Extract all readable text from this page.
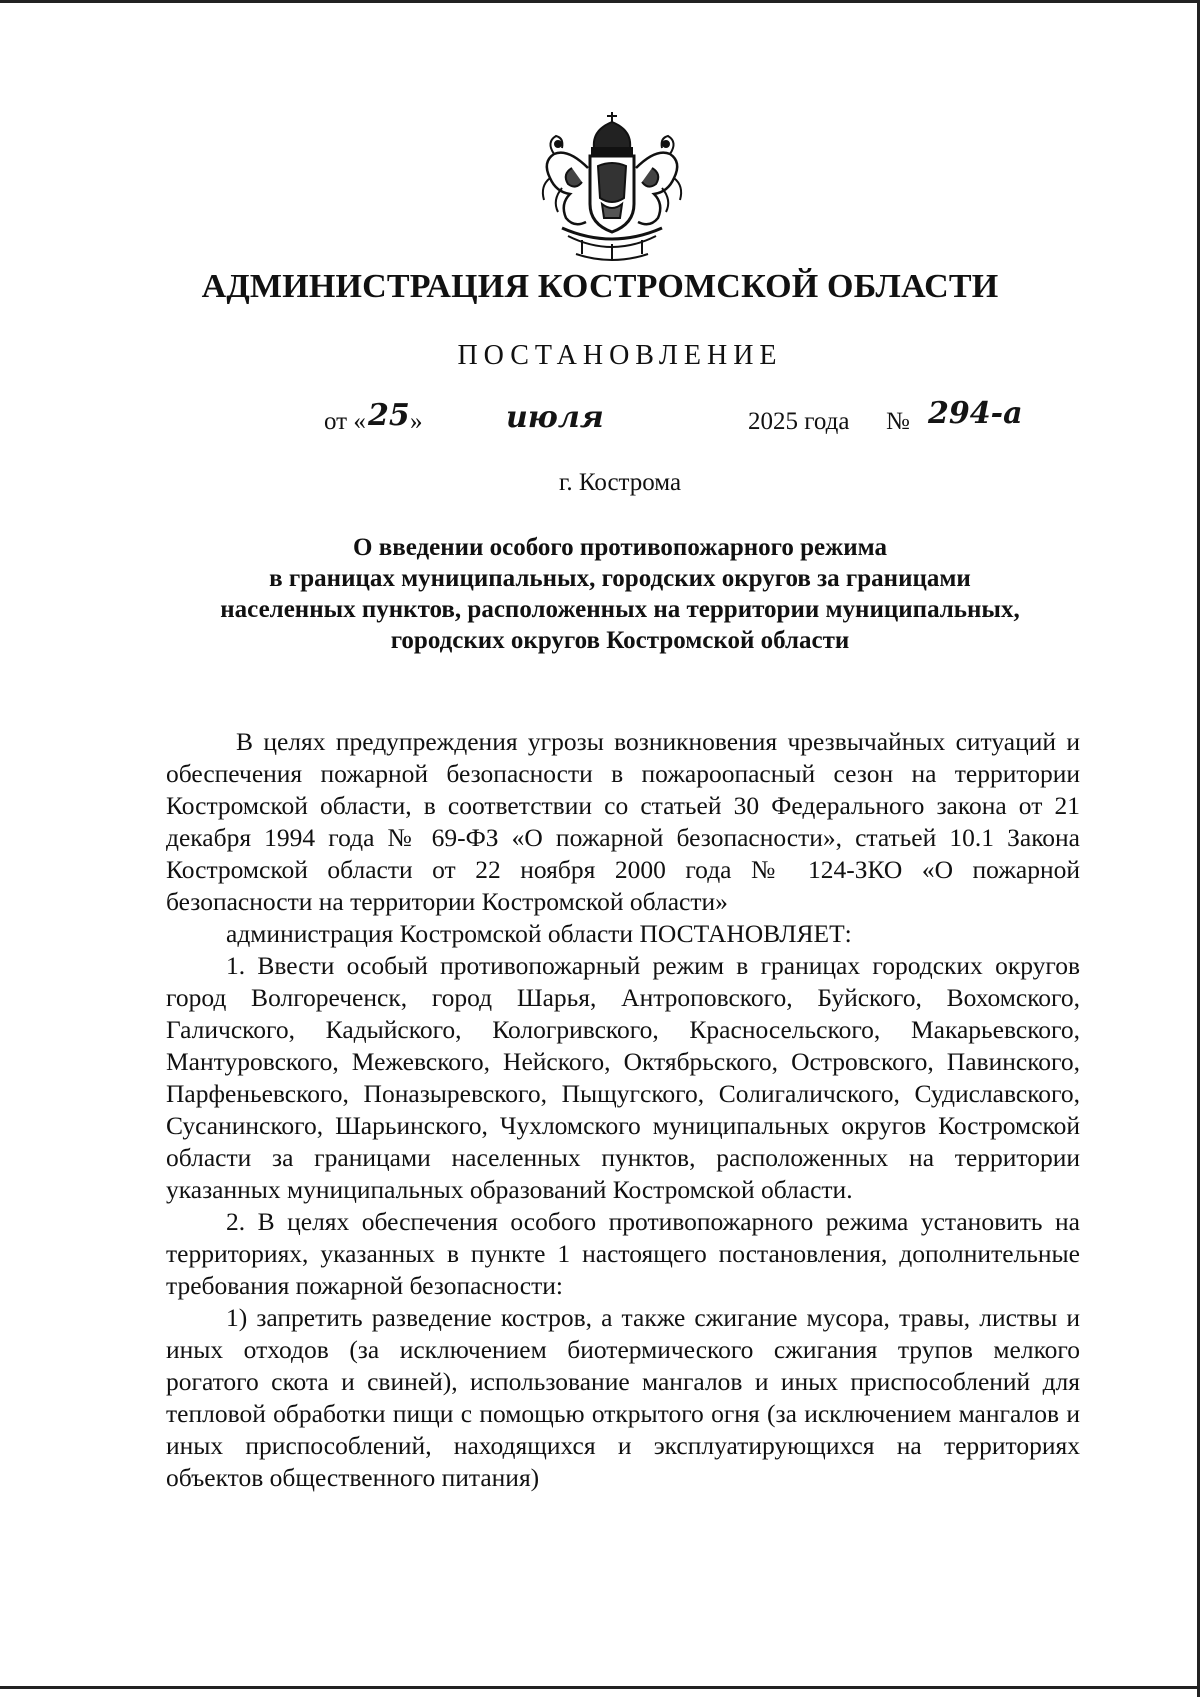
АДМИНИСТРАЦИЯ КОСТРОМСКОЙ ОБЛАСТИ
ПОСТАНОВЛЕНИЕ
от « 25 »	июля	2025 года № 294-а
г. Кострома
О введении особого противопожарного режима
в границах муниципальных, городских округов за границами
населенных пунктов, расположенных на территории муниципальных,
городских округов Костромской области

В целях предупреждения угрозы возникновения чрезвычайных ситуаций и обеспечения пожарной безопасности в пожароопасный сезон на территории Костромской области, в соответствии со статьей 30 Федерального закона от 21 декабря 1994 года № 69-ФЗ «О пожарной безопасности», статьей 10.1 Закона Костромской области от 22 ноября 2000 года № 124-ЗКО «О пожарной безопасности на территории Костромской области»

администрация Костромской области ПОСТАНОВЛЯЕТ:

1. Ввести особый противопожарный режим в границах городских округов город Волгореченск, город Шарья, Антроповского, Буйского, Вохомского, Галичского, Кадыйского, Кологривского, Красносельского, Макарьевского, Мантуровского, Межевского, Нейского, Октябрьского, Островского, Павинского, Парфеньевского, Поназыревского, Пыщугского, Солигаличского, Судиславского, Сусанинского, Шарьинского, Чухломского муниципальных округов Костромской области за границами населенных пунктов, расположенных на территории указанных муниципальных образований Костромской области.

2. В целях обеспечения особого противопожарного режима установить на территориях, указанных в пункте 1 настоящего постановления, дополнительные требования пожарной безопасности:

1) запретить разведение костров, а также сжигание мусора, травы, листвы и иных отходов (за исключением биотермического сжигания трупов мелкого рогатого скота и свиней), использование мангалов и иных приспособлений для тепловой обработки пищи с помощью открытого огня (за исключением мангалов и иных приспособлений, находящихся и эксплуатирующихся на территориях объектов общественного питания)
